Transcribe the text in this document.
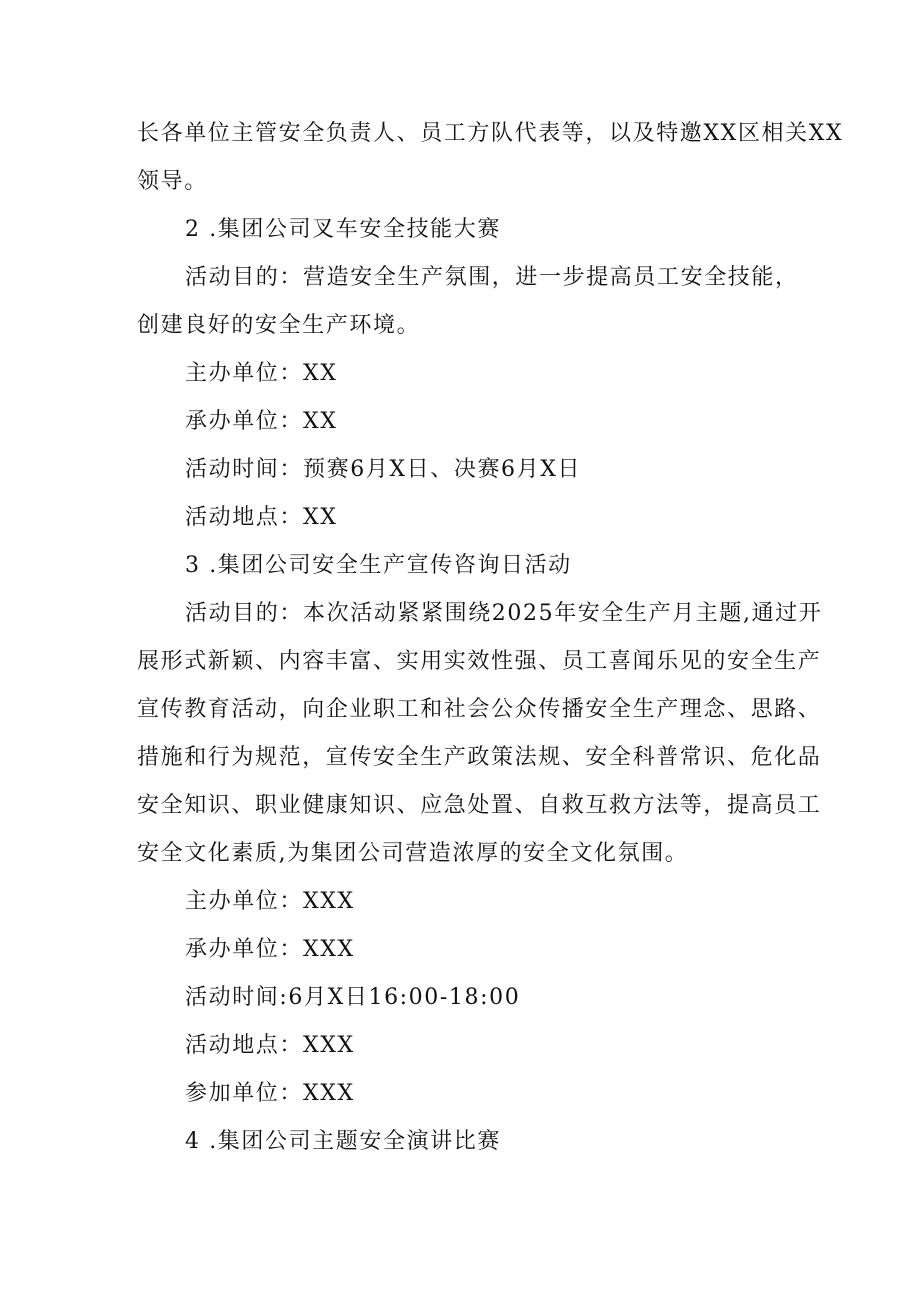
长各单位主管安全负责人、员工方队代表等，以及特邀XX区相关XX
领导。
2 .集团公司叉车安全技能大赛
活动目的：营造安全生产氛围，进一步提高员工安全技能，
创建良好的安全生产环境。
主办单位：XX
承办单位：XX
活动时间：预赛6月X日、决赛6月X日
活动地点：XX
3 .集团公司安全生产宣传咨询日活动
活动目的：本次活动紧紧围绕2025年安全生产月主题,通过开
展形式新颖、内容丰富、实用实效性强、员工喜闻乐见的安全生产
宣传教育活动，向企业职工和社会公众传播安全生产理念、思路、
措施和行为规范，宣传安全生产政策法规、安全科普常识、危化品
安全知识、职业健康知识、应急处置、自救互救方法等，提高员工
安全文化素质,为集团公司营造浓厚的安全文化氛围。
主办单位：XXX
承办单位：XXX
活动时间:6月X日16:00-18:00
活动地点：XXX
参加单位：XXX
4 .集团公司主题安全演讲比赛
